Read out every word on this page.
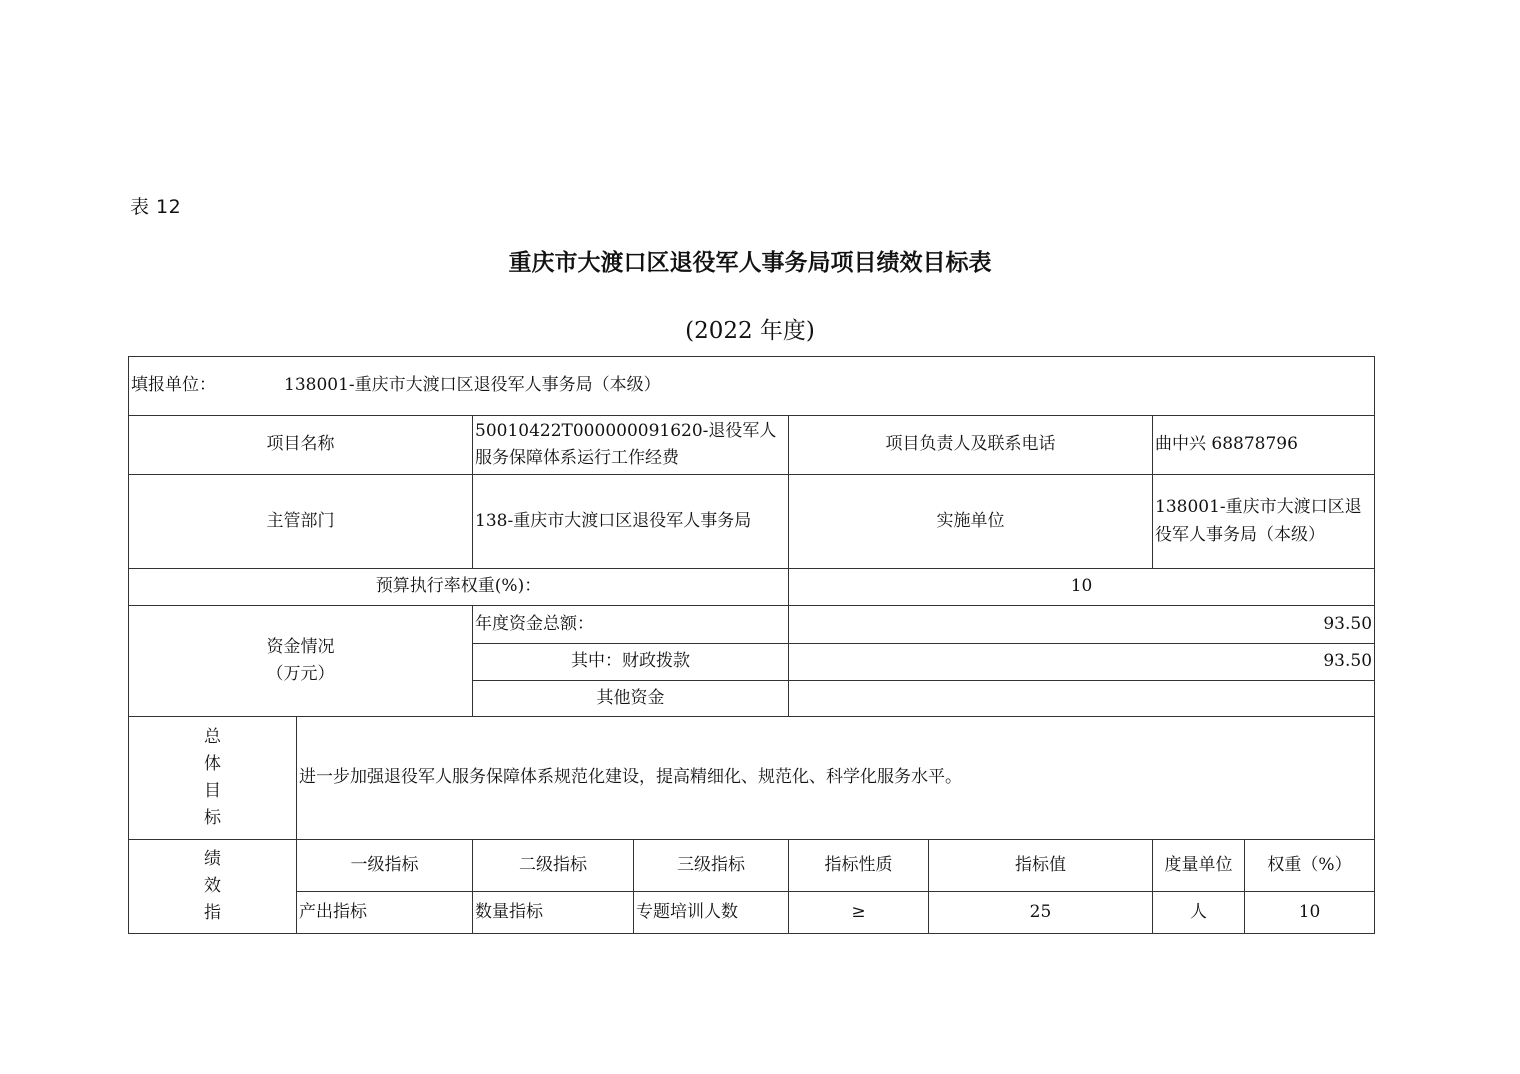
表 12
重庆市大渡口区退役军人事务局项目绩效目标表
(2022 年度)
填报单位： 138001-重庆市大渡口区退役军人事务局（本级）							
项目名称		50010422T000000091620-退役军人服务保障体系运行工作经费		项目负责人及联系电话		曲中兴 68878796	
主管部门		138-重庆市大渡口区退役军人事务局		实施单位		138001-重庆市大渡口区退役军人事务局（本级）	
预算执行率权重(%)：				10			

资金情况
（万元）		年度资金总额：		93.50			
		其中：财政拨款		93.50			
		其他资金					

总
体
目
标	进一步加强退役军人服务保障体系规范化建设，提高精细化、规范化、科学化服务水平。						

绩
效
指	一级指标	二级指标	三级指标	指标性质	指标值	度量单位	权重（%）
	产出指标	数量指标	专题培训人数	≥	25	人	10
